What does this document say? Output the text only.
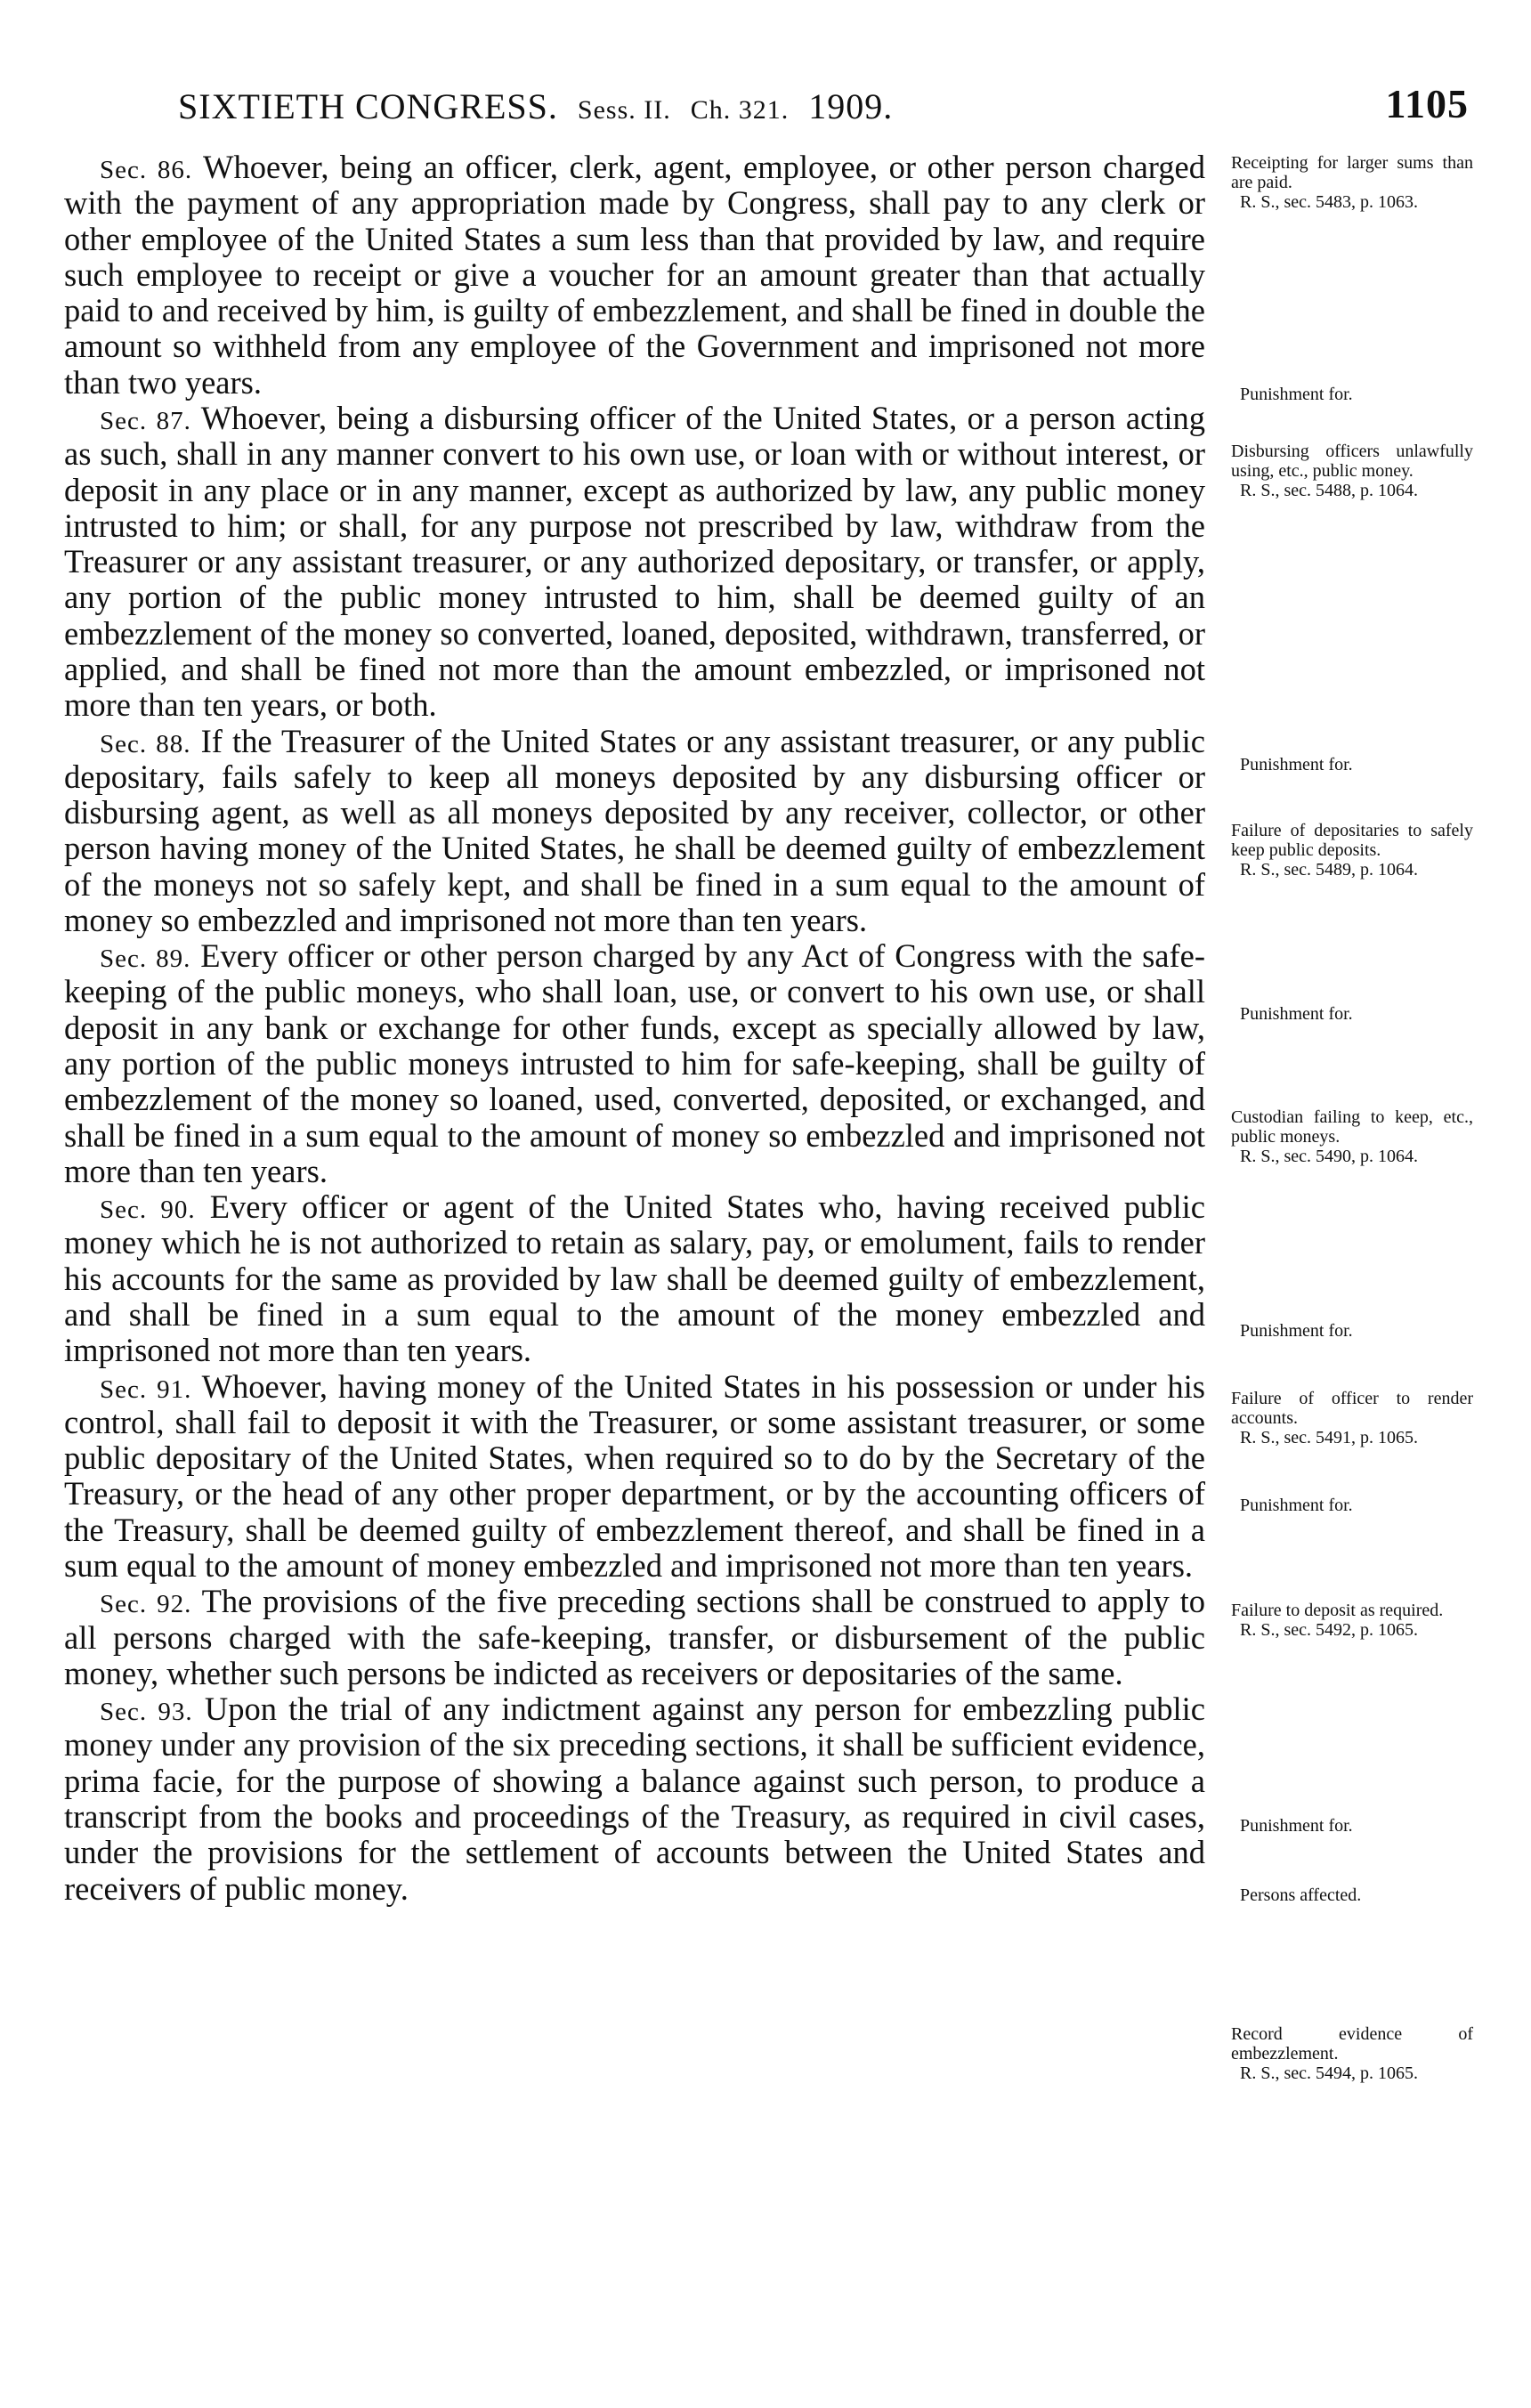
SIXTIETH CONGRESS. Sess. II. Ch. 321. 1909.	1105

Sec. 86. Whoever, being an officer, clerk, agent, employee, or other person charged with the payment of any appropriation made by Congress, shall pay to any clerk or other employee of the United States a sum less than that provided by law, and require such employee to receipt or give a voucher for an amount greater than that actually paid to and received by him, is guilty of embezzlement, and shall be fined in double the amount so withheld from any employee of the Government and imprisoned not more than two years.

Sec. 87. Whoever, being a disbursing officer of the United States, or a person acting as such, shall in any manner convert to his own use, or loan with or without interest, or deposit in any place or in any manner, except as authorized by law, any public money intrusted to him; or shall, for any purpose not prescribed by law, withdraw from the Treasurer or any assistant treasurer, or any authorized depositary, or transfer, or apply, any portion of the public money intrusted to him, shall be deemed guilty of an embezzlement of the money so converted, loaned, deposited, withdrawn, transferred, or applied, and shall be fined not more than the amount embezzled, or imprisoned not more than ten years, or both.

Sec. 88. If the Treasurer of the United States or any assistant treasurer, or any public depositary, fails safely to keep all moneys deposited by any disbursing officer or disbursing agent, as well as all moneys deposited by any receiver, collector, or other person having money of the United States, he shall be deemed guilty of embezzlement of the moneys not so safely kept, and shall be fined in a sum equal to the amount of money so embezzled and imprisoned not more than ten years.

Sec. 89. Every officer or other person charged by any Act of Congress with the safe-keeping of the public moneys, who shall loan, use, or convert to his own use, or shall deposit in any bank or exchange for other funds, except as specially allowed by law, any portion of the public moneys intrusted to him for safe-keeping, shall be guilty of embezzlement of the money so loaned, used, converted, deposited, or exchanged, and shall be fined in a sum equal to the amount of money so embezzled and imprisoned not more than ten years.

Sec. 90. Every officer or agent of the United States who, having received public money which he is not authorized to retain as salary, pay, or emolument, fails to render his accounts for the same as provided by law shall be deemed guilty of embezzlement, and shall be fined in a sum equal to the amount of the money embezzled and imprisoned not more than ten years.

Sec. 91. Whoever, having money of the United States in his possession or under his control, shall fail to deposit it with the Treasurer, or some assistant treasurer, or some public depositary of the United States, when required so to do by the Secretary of the Treasury, or the head of any other proper department, or by the accounting officers of the Treasury, shall be deemed guilty of embezzlement thereof, and shall be fined in a sum equal to the amount of money embezzled and imprisoned not more than ten years.

Sec. 92. The provisions of the five preceding sections shall be construed to apply to all persons charged with the safe-keeping, transfer, or disbursement of the public money, whether such persons be indicted as receivers or depositaries of the same.

Sec. 93. Upon the trial of any indictment against any person for embezzling public money under any provision of the six preceding sections, it shall be sufficient evidence, prima facie, for the purpose of showing a balance against such person, to produce a transcript from the books and proceedings of the Treasury, as required in civil cases, under the provisions for the settlement of accounts between the United States and receivers of public money.

Receipting for larger sums than are paid.
R. S., sec. 5483, p. 1063.
Punishment for.
Disbursing officers unlawfully using, etc., public money.
R. S., sec. 5488, p. 1064.
Punishment for.
Failure of depositaries to safely keep public deposits.
R. S., sec. 5489, p. 1064.
Punishment for.
Custodian failing to keep, etc., public moneys.
R. S., sec. 5490, p. 1064.
Punishment for.
Failure of officer to render accounts.
R. S., sec. 5491, p. 1065.
Punishment for.
Failure to deposit as required.
R. S., sec. 5492, p. 1065.
Punishment for.
Persons affected.
Record evidence of embezzlement.
R. S., sec. 5494, p. 1065.
